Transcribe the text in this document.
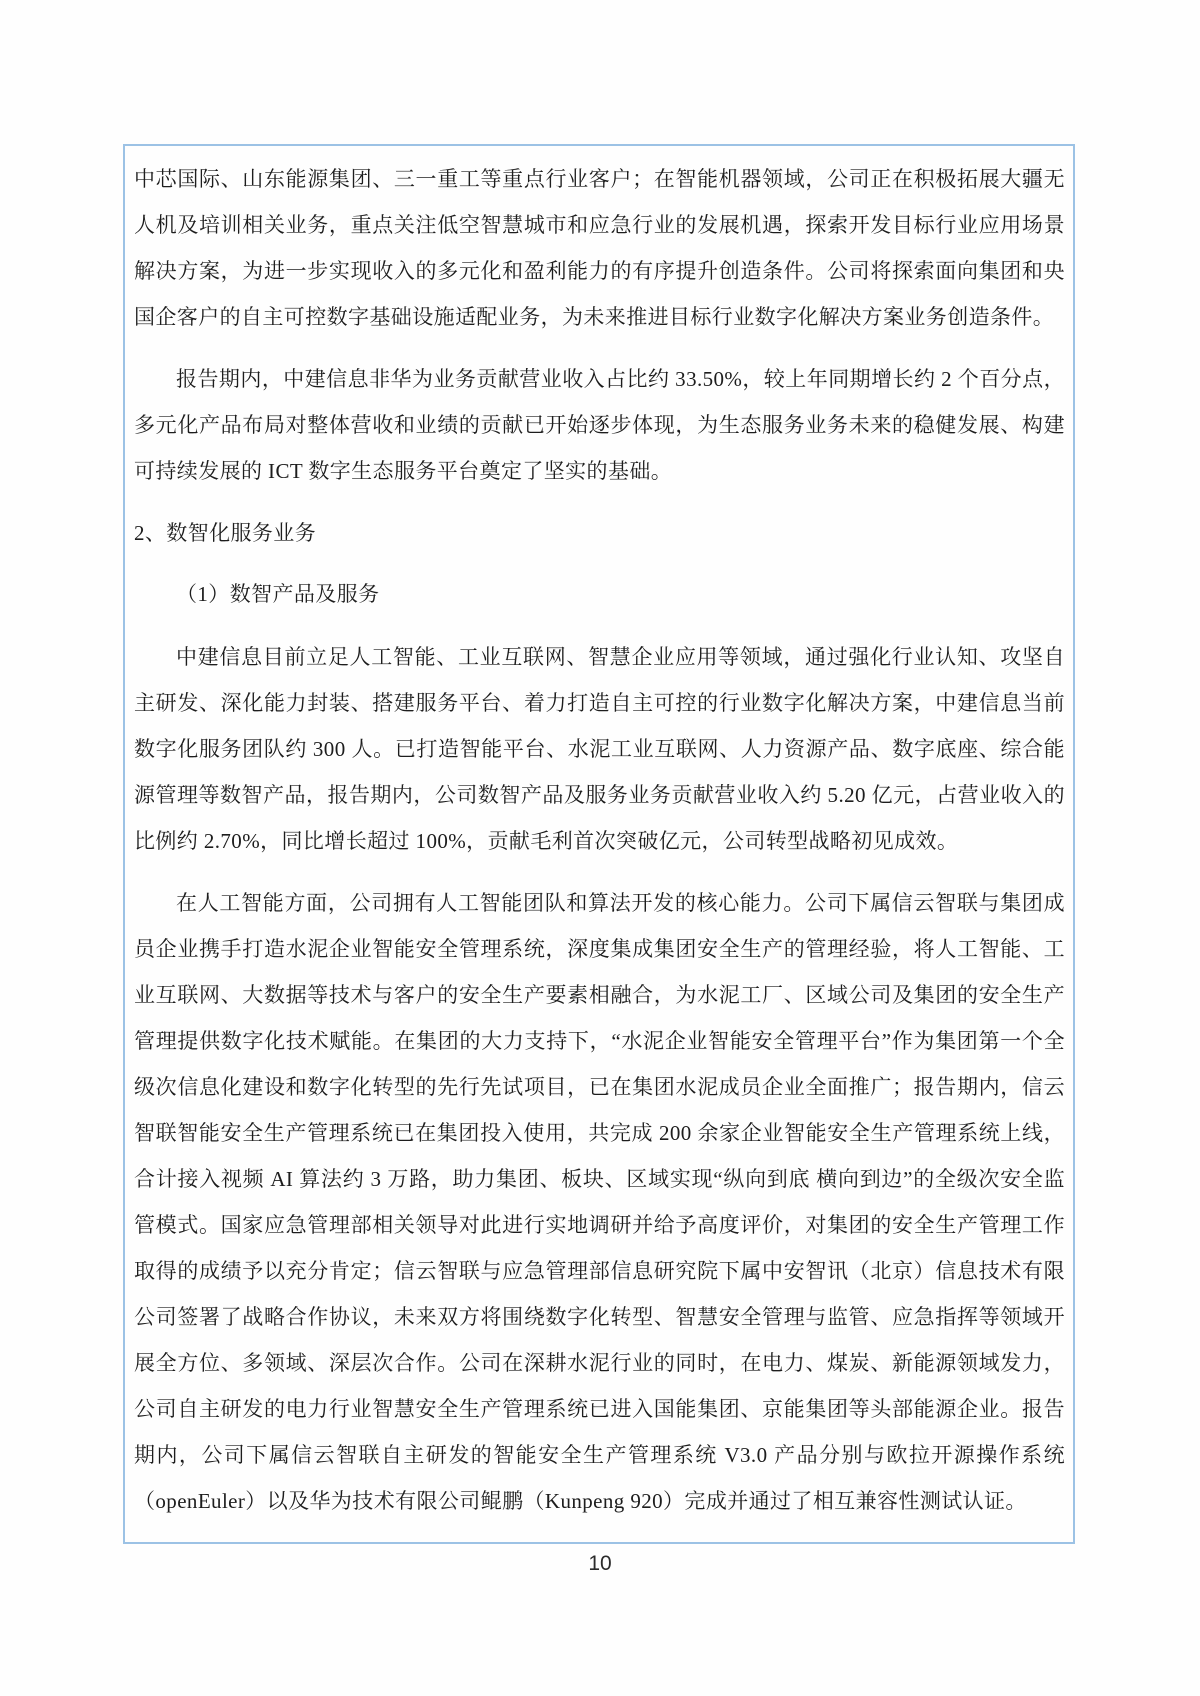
中芯国际、山东能源集团、三一重工等重点行业客户；在智能机器领域，公司正在积极拓展大疆无人机及培训相关业务，重点关注低空智慧城市和应急行业的发展机遇，探索开发目标行业应用场景解决方案，为进一步实现收入的多元化和盈利能力的有序提升创造条件。公司将探索面向集团和央国企客户的自主可控数字基础设施适配业务，为未来推进目标行业数字化解决方案业务创造条件。

报告期内，中建信息非华为业务贡献营业收入占比约 33.50%，较上年同期增长约 2 个百分点，多元化产品布局对整体营收和业绩的贡献已开始逐步体现，为生态服务业务未来的稳健发展、构建可持续发展的 ICT 数字生态服务平台奠定了坚实的基础。

2、数智化服务业务

（1）数智产品及服务

中建信息目前立足人工智能、工业互联网、智慧企业应用等领域，通过强化行业认知、攻坚自主研发、深化能力封装、搭建服务平台、着力打造自主可控的行业数字化解决方案，中建信息当前数字化服务团队约 300 人。已打造智能平台、水泥工业互联网、人力资源产品、数字底座、综合能源管理等数智产品，报告期内，公司数智产品及服务业务贡献营业收入约 5.20 亿元，占营业收入的比例约 2.70%，同比增长超过 100%，贡献毛利首次突破亿元，公司转型战略初见成效。

在人工智能方面，公司拥有人工智能团队和算法开发的核心能力。公司下属信云智联与集团成员企业携手打造水泥企业智能安全管理系统，深度集成集团安全生产的管理经验，将人工智能、工业互联网、大数据等技术与客户的安全生产要素相融合，为水泥工厂、区域公司及集团的安全生产管理提供数字化技术赋能。在集团的大力支持下，“水泥企业智能安全管理平台”作为集团第一个全级次信息化建设和数字化转型的先行先试项目，已在集团水泥成员企业全面推广；报告期内，信云智联智能安全生产管理系统已在集团投入使用，共完成 200 余家企业智能安全生产管理系统上线，合计接入视频 AI 算法约 3 万路，助力集团、板块、区域实现“纵向到底 横向到边”的全级次安全监管模式。国家应急管理部相关领导对此进行实地调研并给予高度评价，对集团的安全生产管理工作取得的成绩予以充分肯定；信云智联与应急管理部信息研究院下属中安智讯（北京）信息技术有限公司签署了战略合作协议，未来双方将围绕数字化转型、智慧安全管理与监管、应急指挥等领域开展全方位、多领域、深层次合作。公司在深耕水泥行业的同时，在电力、煤炭、新能源领域发力，公司自主研发的电力行业智慧安全生产管理系统已进入国能集团、京能集团等头部能源企业。报告期内，公司下属信云智联自主研发的智能安全生产管理系统 V3.0 产品分别与欧拉开源操作系统（openEuler）以及华为技术有限公司鲲鹏（Kunpeng 920）完成并通过了相互兼容性测试认证。

10
